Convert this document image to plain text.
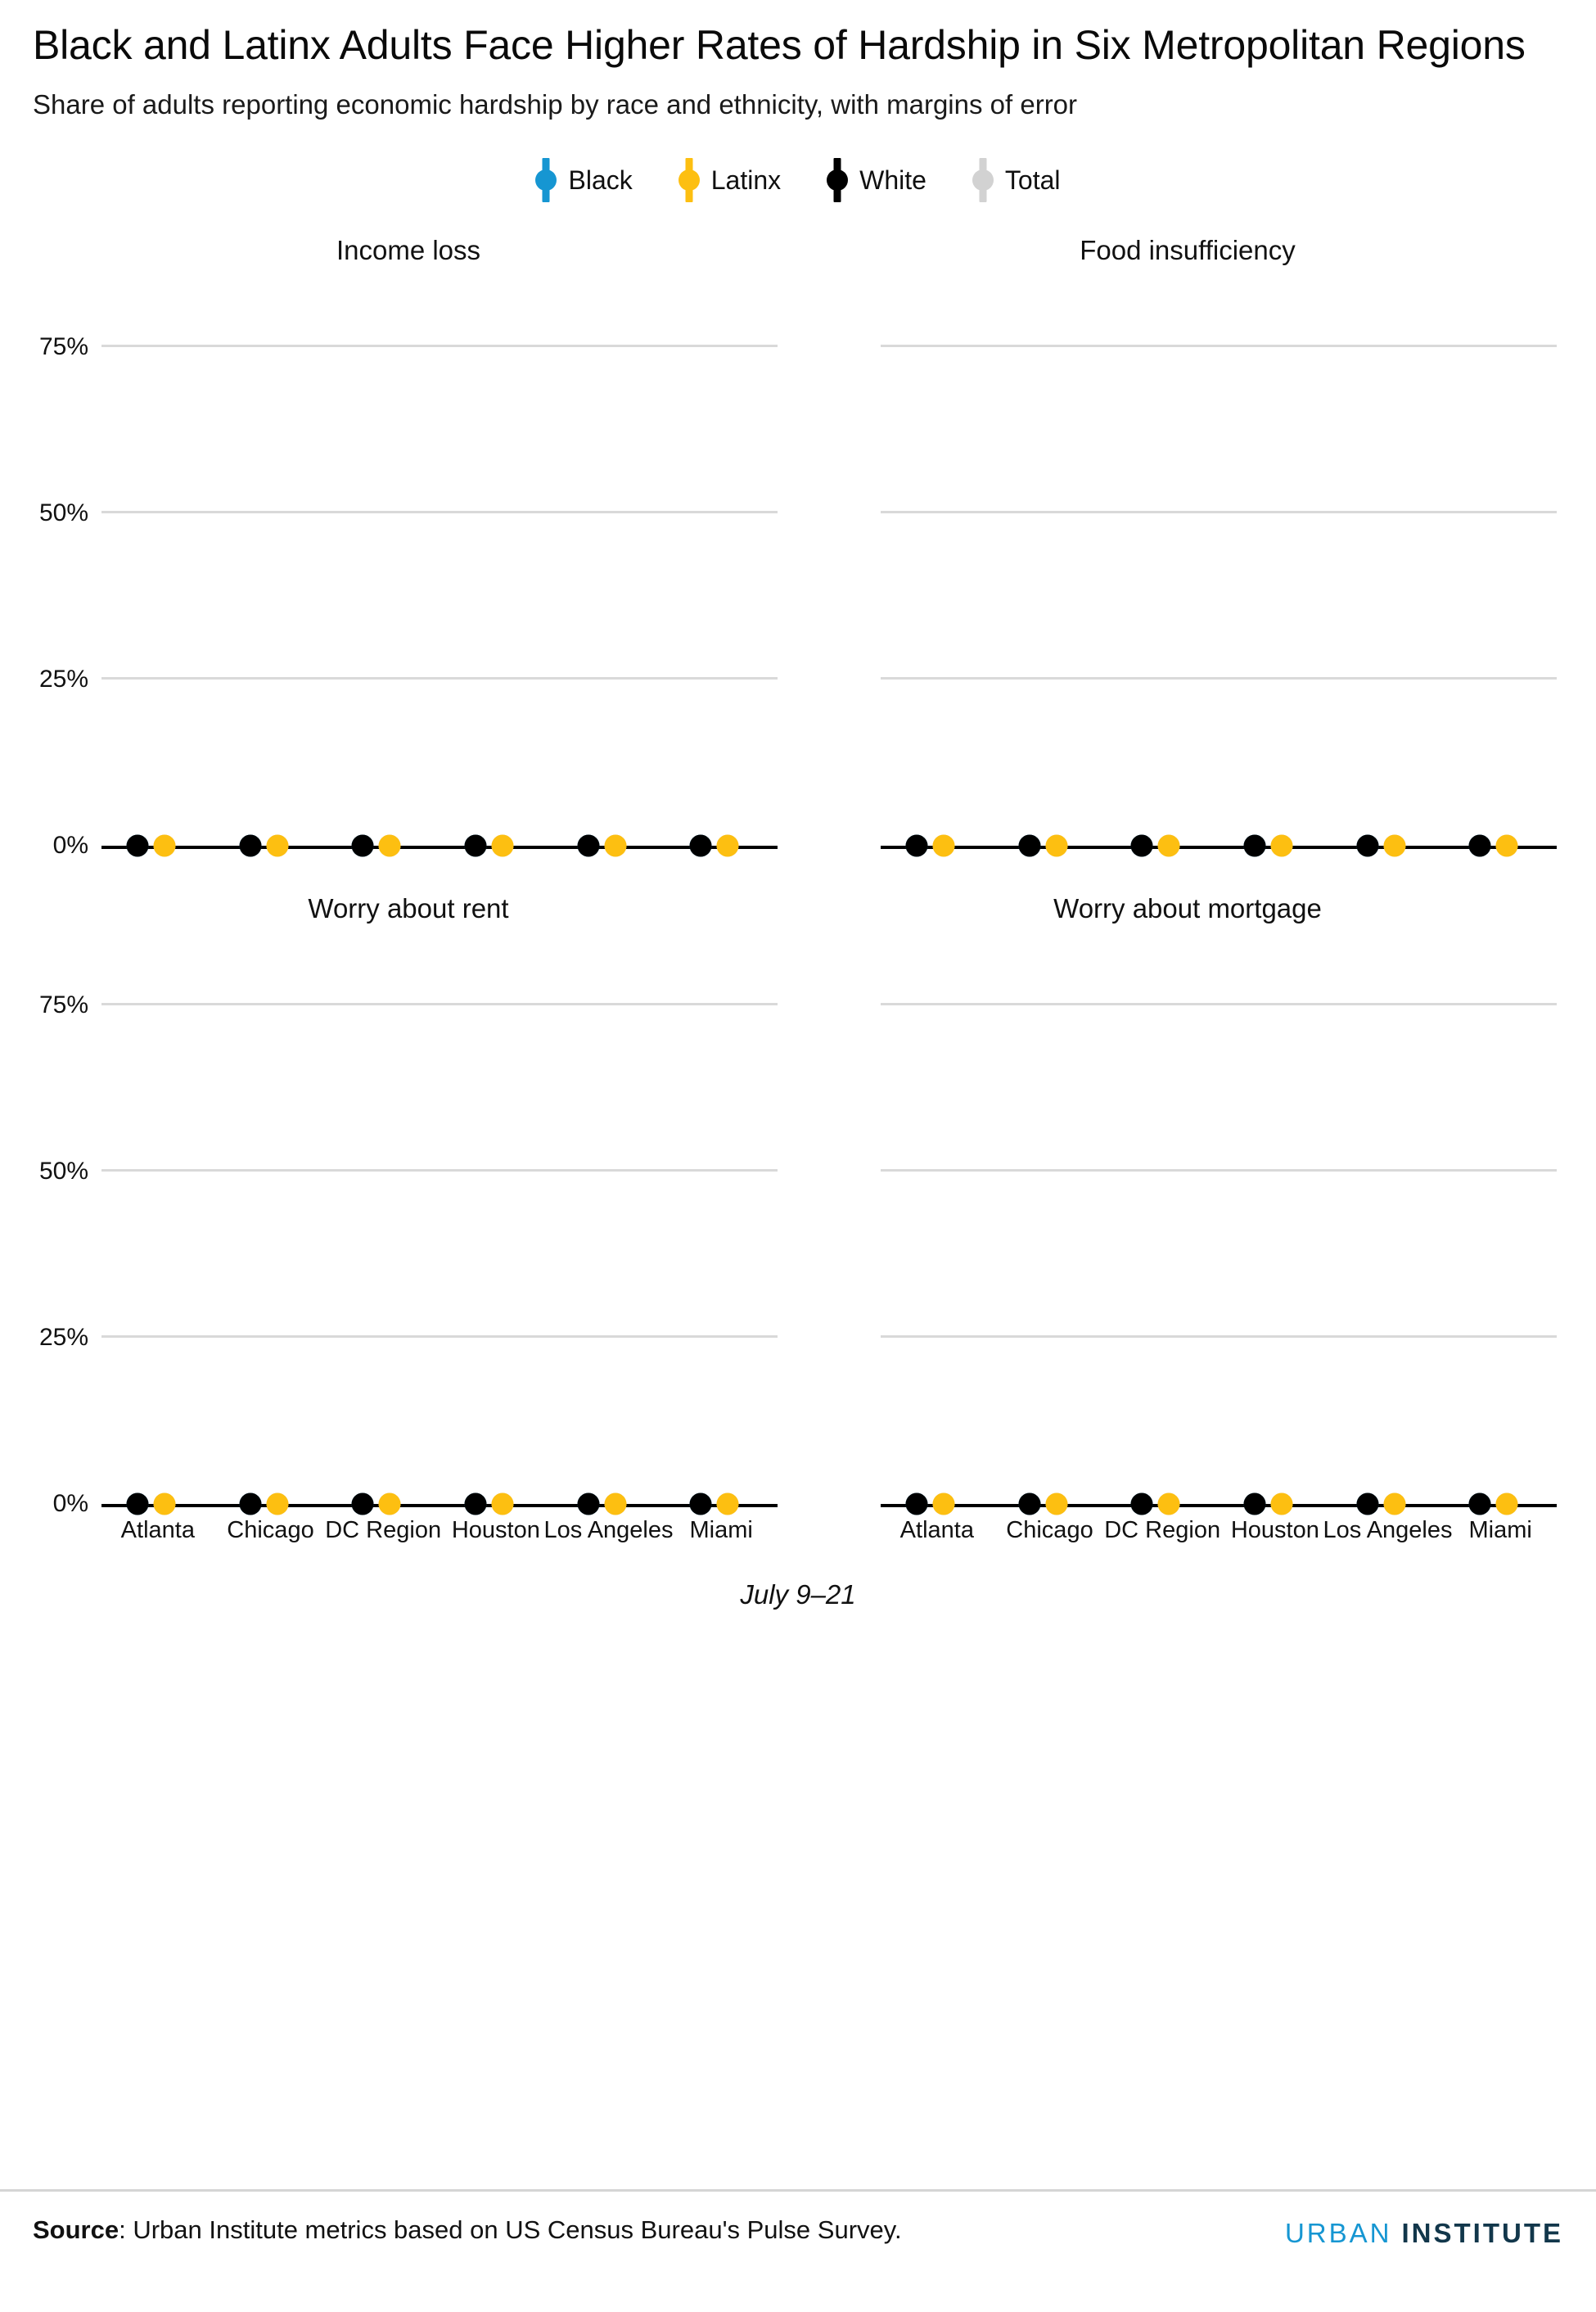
Black and Latinx Adults Face Higher Rates of Hardship in Six Metropolitan Regions
Share of adults reporting economic hardship by race and ethnicity, with margins of error
Black	Latinx	White	Total
Income loss
0%
25%
50%
75%
Food insufficiency
Worry about rent
0%
25%
50%
75%
Atlanta Chicago DC Region Houston Los Angeles Miami
Worry about mortgage
Atlanta Chicago DC Region Houston Los Angeles Miami
July 9–21
Source: Urban Institute metrics based on US Census Bureau's Pulse Survey.	URBAN INSTITUTE
